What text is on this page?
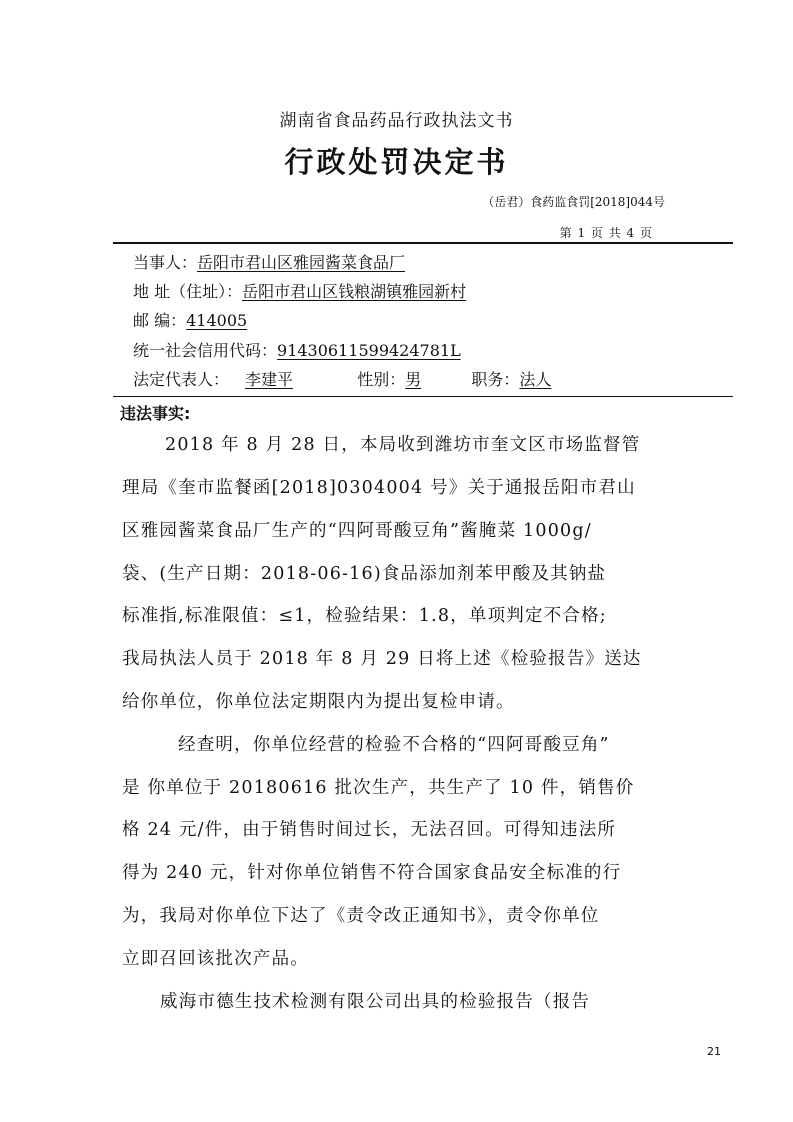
湖南省食品药品行政执法文书
行政处罚决定书
（岳君）食药监食罚[2018]044号
第 1 页 共 4 页
当事人：岳阳市君山区雅园酱菜食品厂
地 址（住址）：岳阳市君山区钱粮湖镇雅园新村
邮 编：414005
统一社会信用代码：91430611599424781L
法定代表人： 李建平	性别：男	职务：法人
违法事实:
2018 年 8 月 28 日，本局收到潍坊市奎文区市场监督管
理局《奎市监餐函[2018]0304004 号》关于通报岳阳市君山
区雅园酱菜食品厂生产的“四阿哥酸豆角”酱腌菜 1000g/
袋、(生产日期：2018-06-16)食品添加剂苯甲酸及其钠盐
标准指,标准限值：≤1，检验结果：1.8，单项判定不合格;
我局执法人员于 2018 年 8 月 29 日将上述《检验报告》送达
给你单位，你单位法定期限内为提出复检申请。
经查明，你单位经营的检验不合格的“四阿哥酸豆角”
是 你单位于 20180616 批次生产，共生产了 10 件，销售价
格 24 元/件，由于销售时间过长，无法召回。可得知违法所
得为 240 元，针对你单位销售不符合国家食品安全标准的行
为，我局对你单位下达了《责令改正通知书》，责令你单位
立即召回该批次产品。
威海市德生技术检测有限公司出具的检验报告（报告
21
